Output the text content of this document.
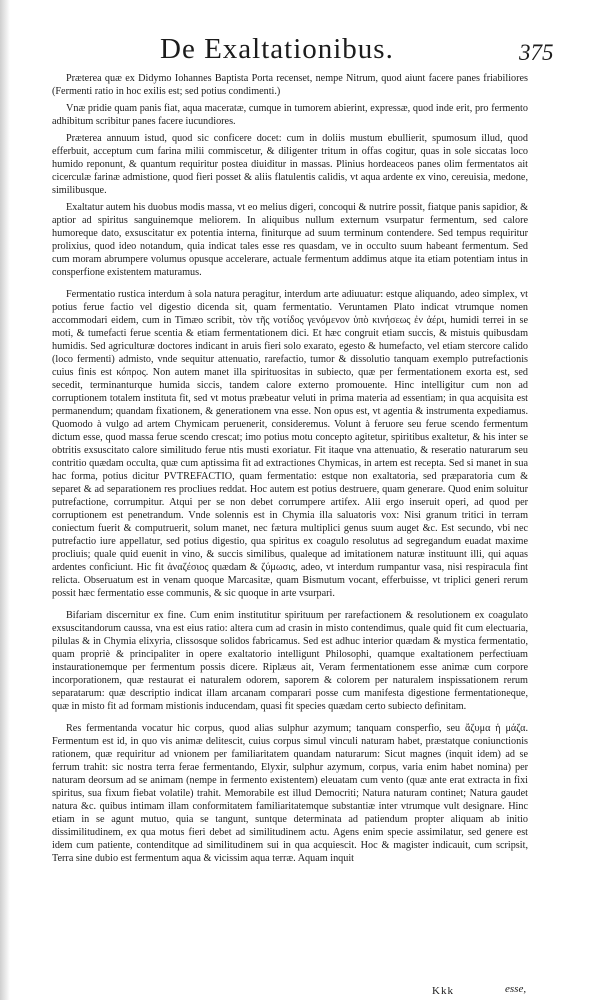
De Exaltationibus.	375

Præterea quæ ex Didymo Iohannes Baptista Porta recenset, nempe Nitrum, quod aiunt facere panes friabiliores (Fermenti ratio in hoc exilis est; sed potius condimenti.)

Vnæ pridie quam panis fiat, aqua maceratæ, cumque in tumorem abierint, expressæ, quod inde erit, pro fermento adhibitum scribitur panes facere iucundiores.

Præterea annuum istud, quod sic conficere docet: cum in doliis mustum ebullierit, spumosum illud, quod efferbuit, acceptum cum farina milii commiscetur, & diligenter tritum in offas cogitur, quas in sole siccatas loco humido reponunt, & quantum requiritur postea diuiditur in massas. Plinius hordeaceos panes olim fermentatos ait cicerculæ farinæ admistione, quod fieri posset & aliis flatulentis calidis, vt aqua ardente ex vino, cereuisia, medone, similibusque.

Exaltatur autem his duobus modis massa, vt eo melius digeri, concoqui & nutrire possit, fiatque panis sapidior, & aptior ad spiritus sanguinemque meliorem. In aliquibus nullum externum vsurpatur fermentum, sed calore humoreque dato, exsuscitatur ex potentia interna, finiturque ad suum terminum contendere. Sed tempus requiritur prolixius, quod ideo notandum, quia indicat tales esse res quasdam, ve in occulto suum habeant fermentum. Sed cum moram abrumpere volumus opusque accelerare, actuale fermentum addimus atque ita etiam potentiam intus in consperfione existentem maturamus.

Fermentatio rustica interdum à sola natura peragitur, interdum arte adiuuatur: estque aliquando, adeo simplex, vt potius ferue factio vel digestio dicenda sit, quam fermentatio. Veruntamen Plato indicat vtrumque nomen accommodari eidem, cum in Timæo scribit, τὸν τῆς νοτίδος γενόμενον ὑπὸ κινήσεως ἐν ἀέρι, humidi terrei in se moti, & tumefacti ferue scentia & etiam fermentationem dici. Et hæc congruit etiam succis, & mistuis quibusdam humidis. Sed agriculturæ doctores indicant in aruis fieri solo exarato, egesto & humefacto, vel etiam stercore calido (loco fermenti) admisto, vnde sequitur attenuatio, rarefactio, tumor & dissolutio tanquam exemplo putrefactionis cuius finis est κόπρος. Non autem manet illa spirituositas in subiecto, quæ per fermentationem exorta est, sed secedit, terminanturque humida siccis, tandem calore externo promouente. Hinc intelligitur cum non ad corruptionem totalem instituta fit, sed vt motus præbeatur veluti in prima materia ad essentiam; in qua acquisita est permanendum; quandam fixationem, & generationem vna esse. Non opus est, vt agentia & instrumenta expediamus. Quomodo à vulgo ad artem Chymicam peruenerit, consideremus. Volunt à feruore seu ferue scendo fermentum dictum esse, quod massa ferue scendo crescat; imo potius motu concepto agitetur, spiritibus exaltetur, & his inter se obtritis exsuscitato calore similitudo ferue ntis musti exoriatur. Fit itaque vna attenuatio, & reseratio naturarum seu contritio quædam occulta, quæ cum aptissima fit ad extractiones Chymicas, in artem est recepta. Sed si manet in sua hac forma, potius dicitur PVTREFACTIO, quam fermentatio: estque non exaltatoria, sed præparatoria cum & separet & ad separationem res procliues reddat. Hoc autem est potius destruere, quam generare. Quod enim soluitur putrefactione, corrumpitur. Atqui per se non debet corrumpere artifex. Alii ergo inseruit operi, ad quod per corruptionem est penetrandum. Vnde solennis est in Chymia illa saluatoris vox: Nisi granum tritici in terram coniectum fuerit & computruerit, solum manet, nec fætura multiplici genus suum auget &c. Est secundo, vbi nec putrefactio iure appellatur, sed potius digestio, qua spiritus ex coagulo resolutus ad segregandum euadat maxime procliuis; quale quid euenit in vino, & succis similibus, qualeque ad imitationem naturæ instituunt illi, qui aquas ardentes conficiunt. Hic fit ἀναζέσιος quædam & ζύμωσις, adeo, vt interdum rumpantur vasa, nisi respiracula fint relicta. Obseruatum est in venam quoque Marcasitæ, quam Bismutum vocant, efferbuisse, vt triplici generi rerum possit hæc fermentatio esse communis, & sic quoque in arte vsurpari.

Bifariam discernitur ex fine. Cum enim institutitur spirituum per rarefactionem & resolutionem ex coagulato exsuscitandorum caussa, vna est eius ratio: altera cum ad crasin in misto contendimus, quale quid fit cum electuaria, pilulas & in Chymia elixyria, clissosque solidos fabricamus. Sed est adhuc interior quædam & mystica fermentatio, quam propriè & principaliter in opere exaltatorio intelligunt Philosophi, quamque exaltationem perfectiuam instaurationemque per fermentum possis dicere. Riplæus ait, Veram fermentationem esse animæ cum corpore incorporationem, quæ restaurat ei naturalem odorem, saporem & colorem per naturalem inspissationem rerum separatarum: quæ descriptio indicat illam arcanam comparari posse cum manifesta digestione fermentationeque, quæ in misto fit ad formam mistionis inducendam, quasi fit species quædam certo subiecto definitam.

Res fermentanda vocatur hic corpus, quod alias sulphur azymum; tanquam consperfio, seu ἄζυμα ἡ μάζα. Fermentum est id, in quo vis animæ delitescit, cuius corpus simul vinculi naturam habet, præstatque coniunctionis rationem, quæ requiritur ad vnionem per familiaritatem quandam naturarum: Sicut magnes (inquit idem) ad se ferrum trahit: sic nostra terra ferae fermentando, Elyxir, sulphur azymum, corpus, varia enim habet nomina) per naturam deorsum ad se animam (nempe in fermento existentem) eleuatam cum vento (quæ ante erat extracta in fixi spiritus, sua fixum fiebat volatile) trahit. Memorabile est illud Democriti; Natura naturam continet; Natura gaudet natura &c. quibus intimam illam conformitatem familiaritatemque substantiæ inter vtrumque vult designare. Hinc etiam in se agunt mutuo, quia se tangunt, suntque determinata ad patiendum propter aliquam ab initio dissimilitudinem, ex qua motus fieri debet ad similitudinem actu. Agens enim specie assimilatur, sed genere est idem cum patiente, contenditque ad similitudinem sui in qua acquiescit. Hoc & magister indicauit, cum scripsit, Terra sine dubio est fermentum aqua & vicissim aqua terræ. Aquam inquit

Kkk	esse,
